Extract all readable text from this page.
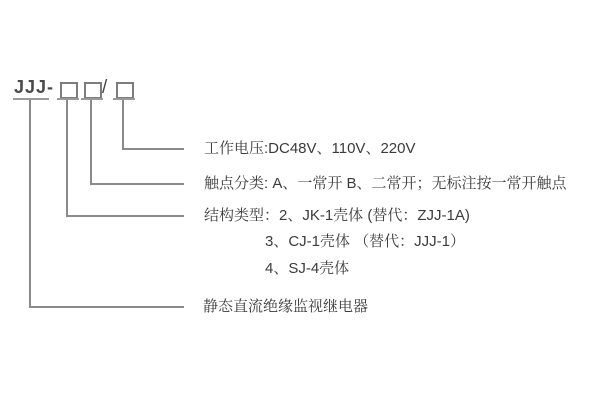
JJJ-	/
工作电压:DC48V、110V、220V
触点分类: A、一常开 B、二常开；无标注按一常开触点
结构类型：2、JK-1壳体 (替代：ZJJ-1A)
3、CJ-1壳体 （替代：JJJ-1）
4、SJ-4壳体
静态直流绝缘监视继电器
